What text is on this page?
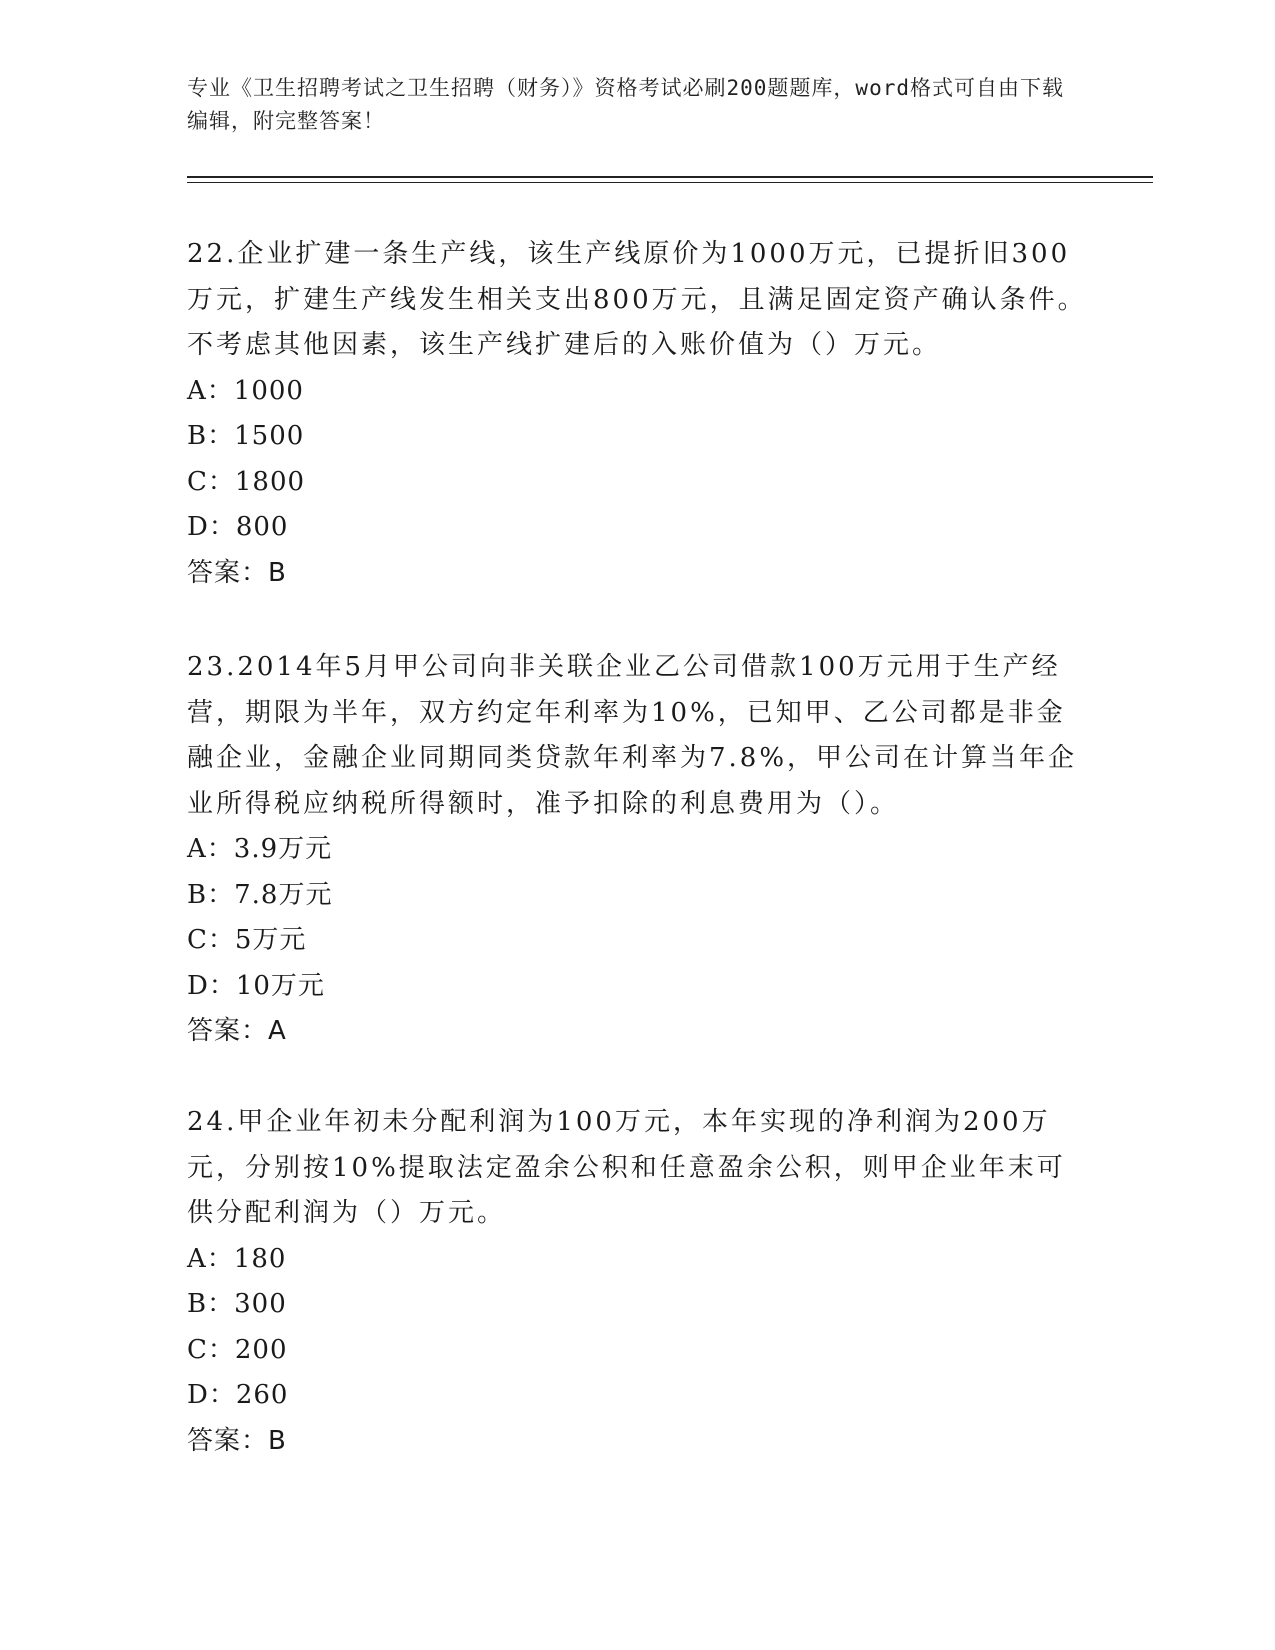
专业《卫生招聘考试之卫生招聘（财务）》资格考试必刷200题题库，word格式可自由下载编辑，附完整答案！

22.企业扩建一条生产线，该生产线原价为1000万元，已提折旧300万元，扩建生产线发生相关支出800万元，且满足固定资产确认条件。不考虑其他因素，该生产线扩建后的入账价值为（）万元。

A：1000

B：1500

C：1800

D：800

答案：B

23.2014年5月甲公司向非关联企业乙公司借款100万元用于生产经营，期限为半年，双方约定年利率为10%，已知甲、乙公司都是非金融企业，金融企业同期同类贷款年利率为7.8%，甲公司在计算当年企业所得税应纳税所得额时，准予扣除的利息费用为（）。

A：3.9万元

B：7.8万元

C：5万元

D：10万元

答案：A

24.甲企业年初未分配利润为100万元，本年实现的净利润为200万元，分别按10%提取法定盈余公积和任意盈余公积，则甲企业年末可供分配利润为（）万元。

A：180

B：300

C：200

D：260

答案：B
